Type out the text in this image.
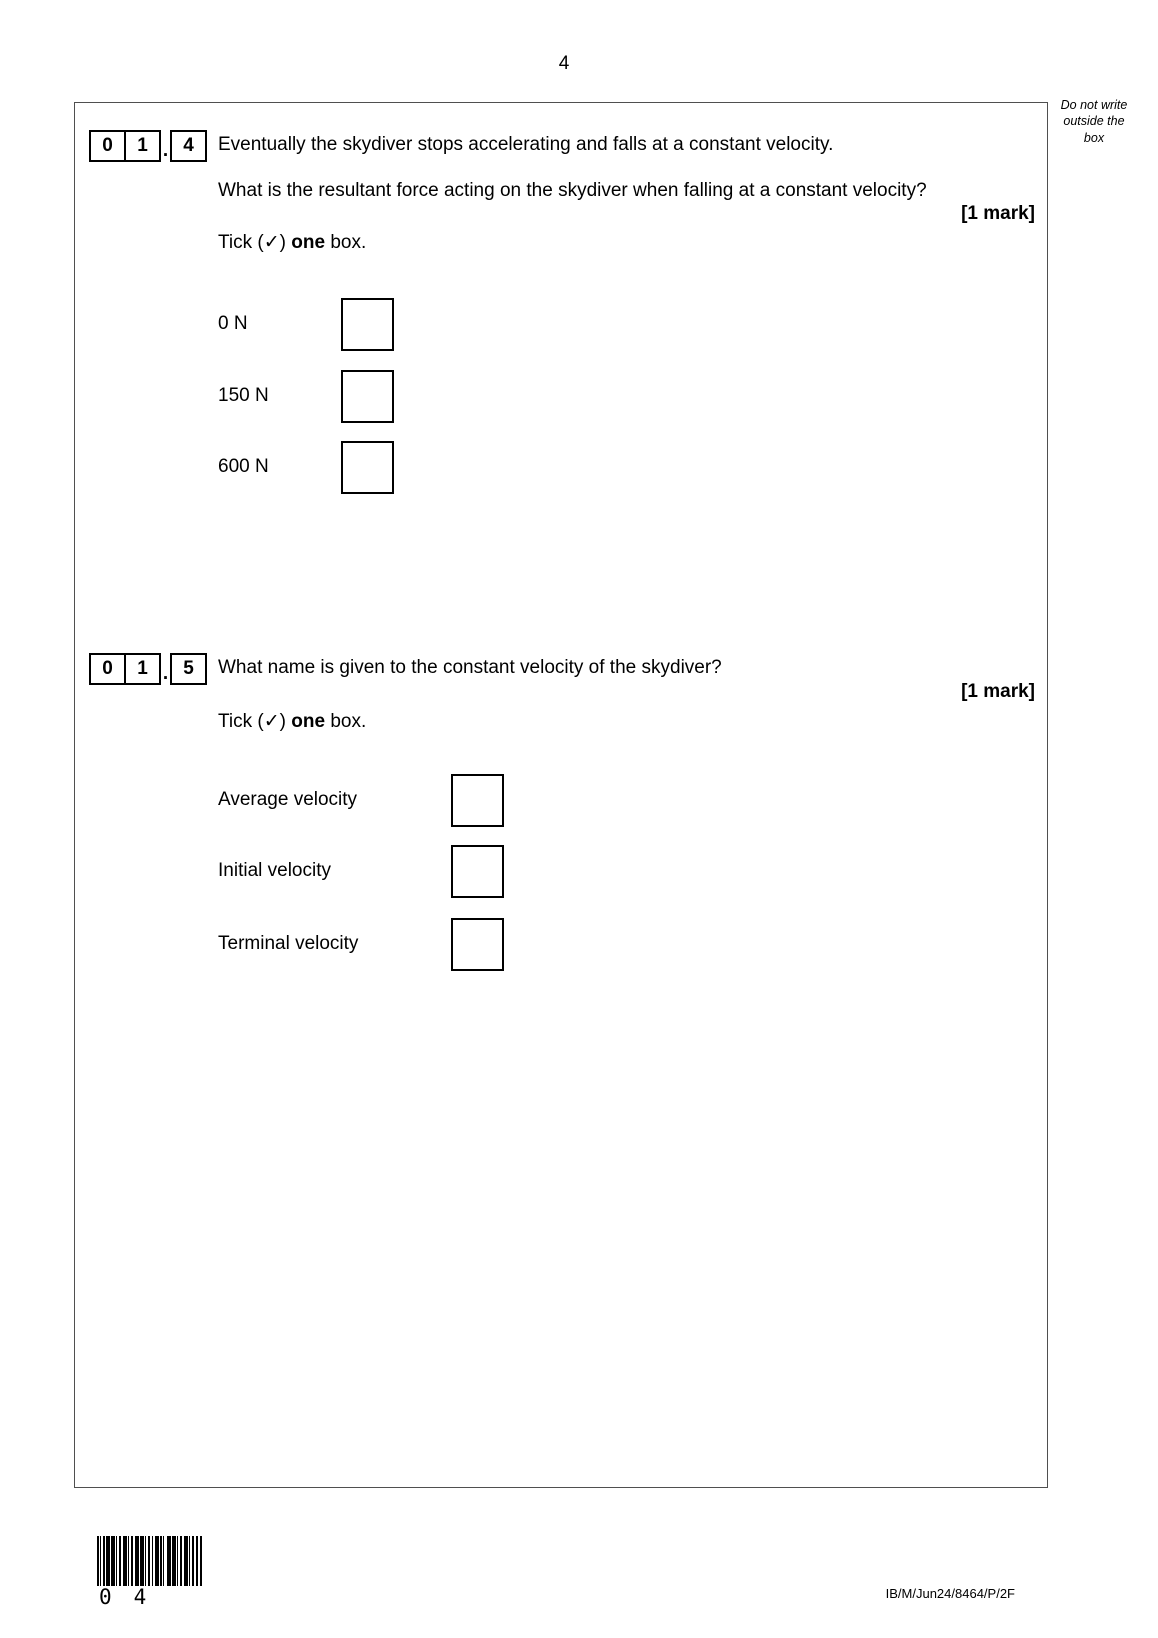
4
Do not write
outside the
box
0	1 . 4	Eventually the skydiver stops accelerating and falls at a constant velocity.
What is the resultant force acting on the skydiver when falling at a constant velocity?
[1 mark]
Tick (✓) one box.
0 N
150 N
600 N
0	1 . 5	What name is given to the constant velocity of the skydiver?
[1 mark]
Tick (✓) one box.
Average velocity
Initial velocity
Terminal velocity
04	IB/M/Jun24/8464/P/2F
